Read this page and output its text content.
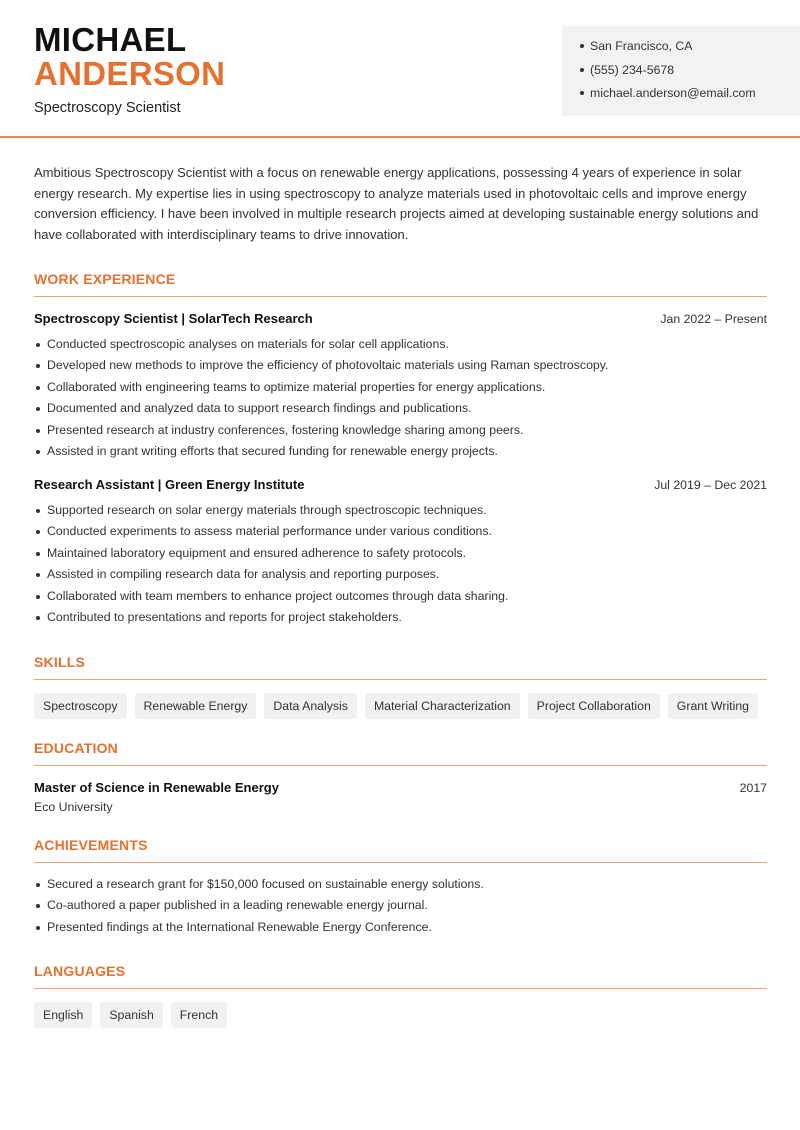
MICHAEL
ANDERSON
Spectroscopy Scientist
San Francisco, CA
(555) 234-5678
michael.anderson@email.com

Ambitious Spectroscopy Scientist with a focus on renewable energy applications, possessing 4 years of experience in solar energy research. My expertise lies in using spectroscopy to analyze materials used in photovoltaic cells and improve energy conversion efficiency. I have been involved in multiple research projects aimed at developing sustainable energy solutions and have collaborated with interdisciplinary teams to drive innovation.

WORK EXPERIENCE
Spectroscopy Scientist | SolarTech Research	Jan 2022 – Present
Conducted spectroscopic analyses on materials for solar cell applications.
Developed new methods to improve the efficiency of photovoltaic materials using Raman spectroscopy.
Collaborated with engineering teams to optimize material properties for energy applications.
Documented and analyzed data to support research findings and publications.
Presented research at industry conferences, fostering knowledge sharing among peers.
Assisted in grant writing efforts that secured funding for renewable energy projects.
Research Assistant | Green Energy Institute	Jul 2019 – Dec 2021
Supported research on solar energy materials through spectroscopic techniques.
Conducted experiments to assess material performance under various conditions.
Maintained laboratory equipment and ensured adherence to safety protocols.
Assisted in compiling research data for analysis and reporting purposes.
Collaborated with team members to enhance project outcomes through data sharing.
Contributed to presentations and reports for project stakeholders.
SKILLS
Spectroscopy	Renewable Energy	Data Analysis	Material Characterization	Project Collaboration	Grant Writing
EDUCATION
Master of Science in Renewable Energy	2017
Eco University
ACHIEVEMENTS
Secured a research grant for $150,000 focused on sustainable energy solutions.
Co-authored a paper published in a leading renewable energy journal.
Presented findings at the International Renewable Energy Conference.
LANGUAGES
English	Spanish	French
